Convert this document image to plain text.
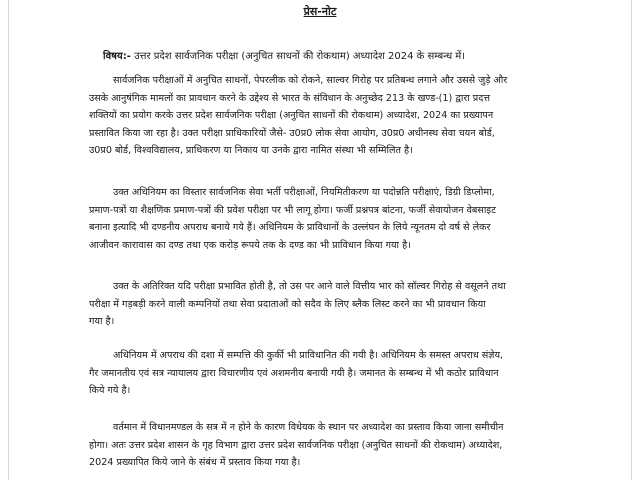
प्रेस-नोट
विषय:- उत्तर प्रदेश सार्वजनिक परीक्षा (अनुचित साधनों की रोकथाम) अध्यादेश 2024 के सम्बन्ध में।
सार्वजनिक परीक्षाओं में अनुचित साधनों, पेपरलीक को रोकने, साल्वर गिरोह पर प्रतिबन्ध लगाने और उससे जुड़े और
उसके आनुषंगिक मामलों का प्रावधान करने के उद्देश्य से भारत के संविधान के अनुच्छेद 213 के खण्ड-(1) द्वारा प्रदत्त
शक्तियों का प्रयोग करके उत्तर प्रदेश सार्वजनिक परीक्षा (अनुचित साधनों की रोकथाम) अध्यादेश, 2024 का प्रख्यापन
प्रस्तावित किया जा रहा है। उक्त परीक्षा प्राधिकारियों जैसे- उ0प्र0 लोक सेवा आयोग, उ0प्र0 अधीनस्थ सेवा चयन बोर्ड,
उ0प्र0 बोर्ड, विश्वविद्यालय, प्राधिकरण या निकाय या उनके द्वारा नामित संस्था भी सम्मिलित है।
उक्त अधिनियम का विस्तार सार्वजनिक सेवा भर्ती परीक्षाओं, नियमितीकरण या पदोन्नति परीक्षाएं, डिग्री डिप्लोमा,
प्रमाण-पत्रों या शैक्षणिक प्रमाण-पत्रों की प्रवेश परीक्षा पर भी लागू होगा। फर्जी प्रश्नपत्र बांटना, फर्जी सेवायोजन वेबसाइट
बनाना इत्यादि भी दण्डनीय अपराध बनाये गये हैं। अधिनियम के प्राविधानों के उल्लंघन के लिये न्यूनतम दो वर्ष से लेकर
आजीवन कारावास का दण्ड तथा एक करोड़ रूपये तक के दण्ड का भी प्राविधान किया गया है।
उक्त के अतिरिक्त यदि परीक्षा प्रभावित होती है, तो उस पर आने वाले वित्तीय भार को सॉल्वर गिरोह से वसूलने तथा
परीक्षा में गड़बड़ी करने वाली कम्पनियों तथा सेवा प्रदाताओं को सदैव के लिए ब्लैक लिस्ट करने का भी प्रावधान किया
गया है।
अधिनियम में अपराध की दशा में सम्पत्ति की कुर्की भी प्राविधानित की गयी है। अधिनियम के समस्त अपराध संज्ञेय,
गैर जमानतीय एवं सत्र न्यायालय द्वारा विचारणीय एवं अशमनीय बनायी गयी है। जमानत के सम्बन्ध में भी कठोर प्राविधान
किये गये है।
वर्तमान में विधानमण्डल के सत्र में न होने के कारण विधेयक के स्थान पर अध्यादेश का प्रस्ताव किया जाना समीचीन
होगा। अतः उत्तर प्रदेश शासन के गृह विभाग द्वारा उत्तर प्रदेश सार्वजनिक परीक्षा (अनुचित साधनों की रोकथाम) अध्यादेश,
2024 प्रख्यापित किये जाने के संबंध में प्रस्ताव किया गया है।
